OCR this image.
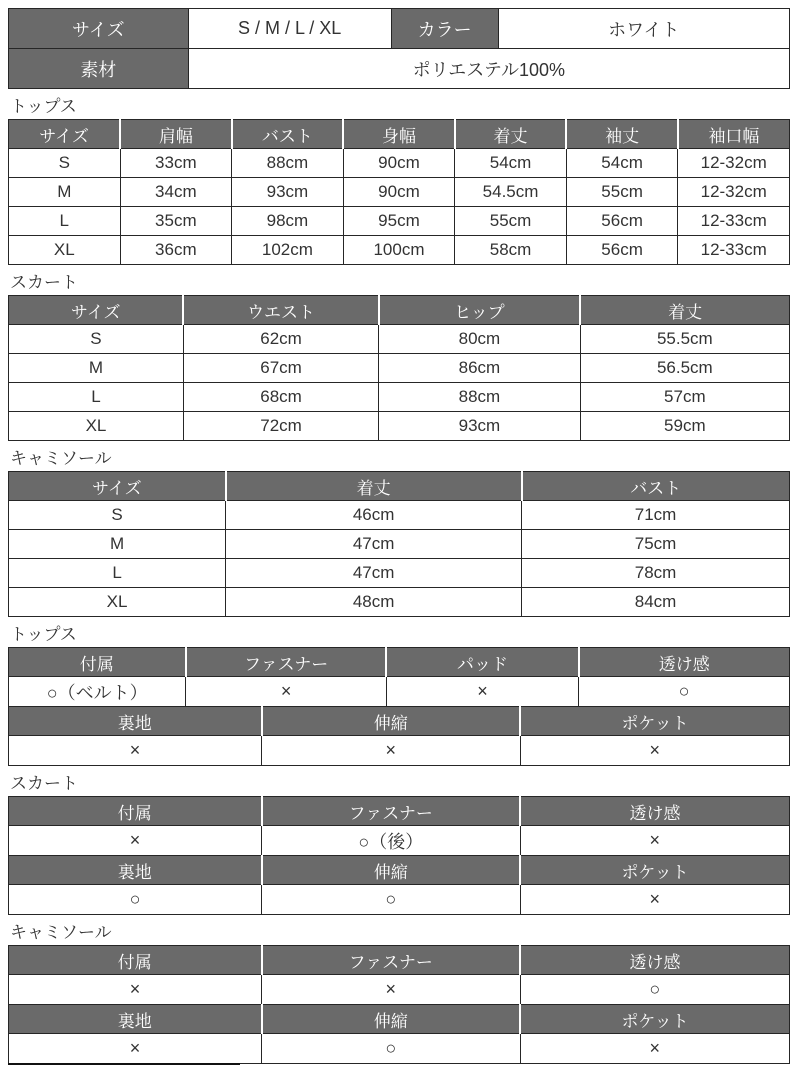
サイズ	S / M / L / XL	カラー	ホワイト
素材	ポリエステル100%		
トップス
サイズ	肩幅	バスト	身幅	着丈	袖丈	袖口幅
S	33cm	88cm	90cm	54cm	54cm	12-32cm
M	34cm	93cm	90cm	54.5cm	55cm	12-32cm
L	35cm	98cm	95cm	55cm	56cm	12-33cm
XL	36cm	102cm	100cm	58cm	56cm	12-33cm
スカート
サイズ	ウエスト	ヒップ	着丈
S	62cm	80cm	55.5cm
M	67cm	86cm	56.5cm
L	68cm	88cm	57cm
XL	72cm	93cm	59cm
キャミソール
サイズ	着丈	バスト
S	46cm	71cm
M	47cm	75cm
L	47cm	78cm
XL	48cm	84cm
トップス
付属	ファスナー	パッド	透け感
○（ベルト）	×	×	○
裏地	伸縮	ポケット
×	×	×
スカート
付属	ファスナー	透け感
×	○（後）	×
裏地	伸縮	ポケット
○	○	×
キャミソール
付属	ファスナー	透け感
×	×	○
裏地	伸縮	ポケット
×	○	×
